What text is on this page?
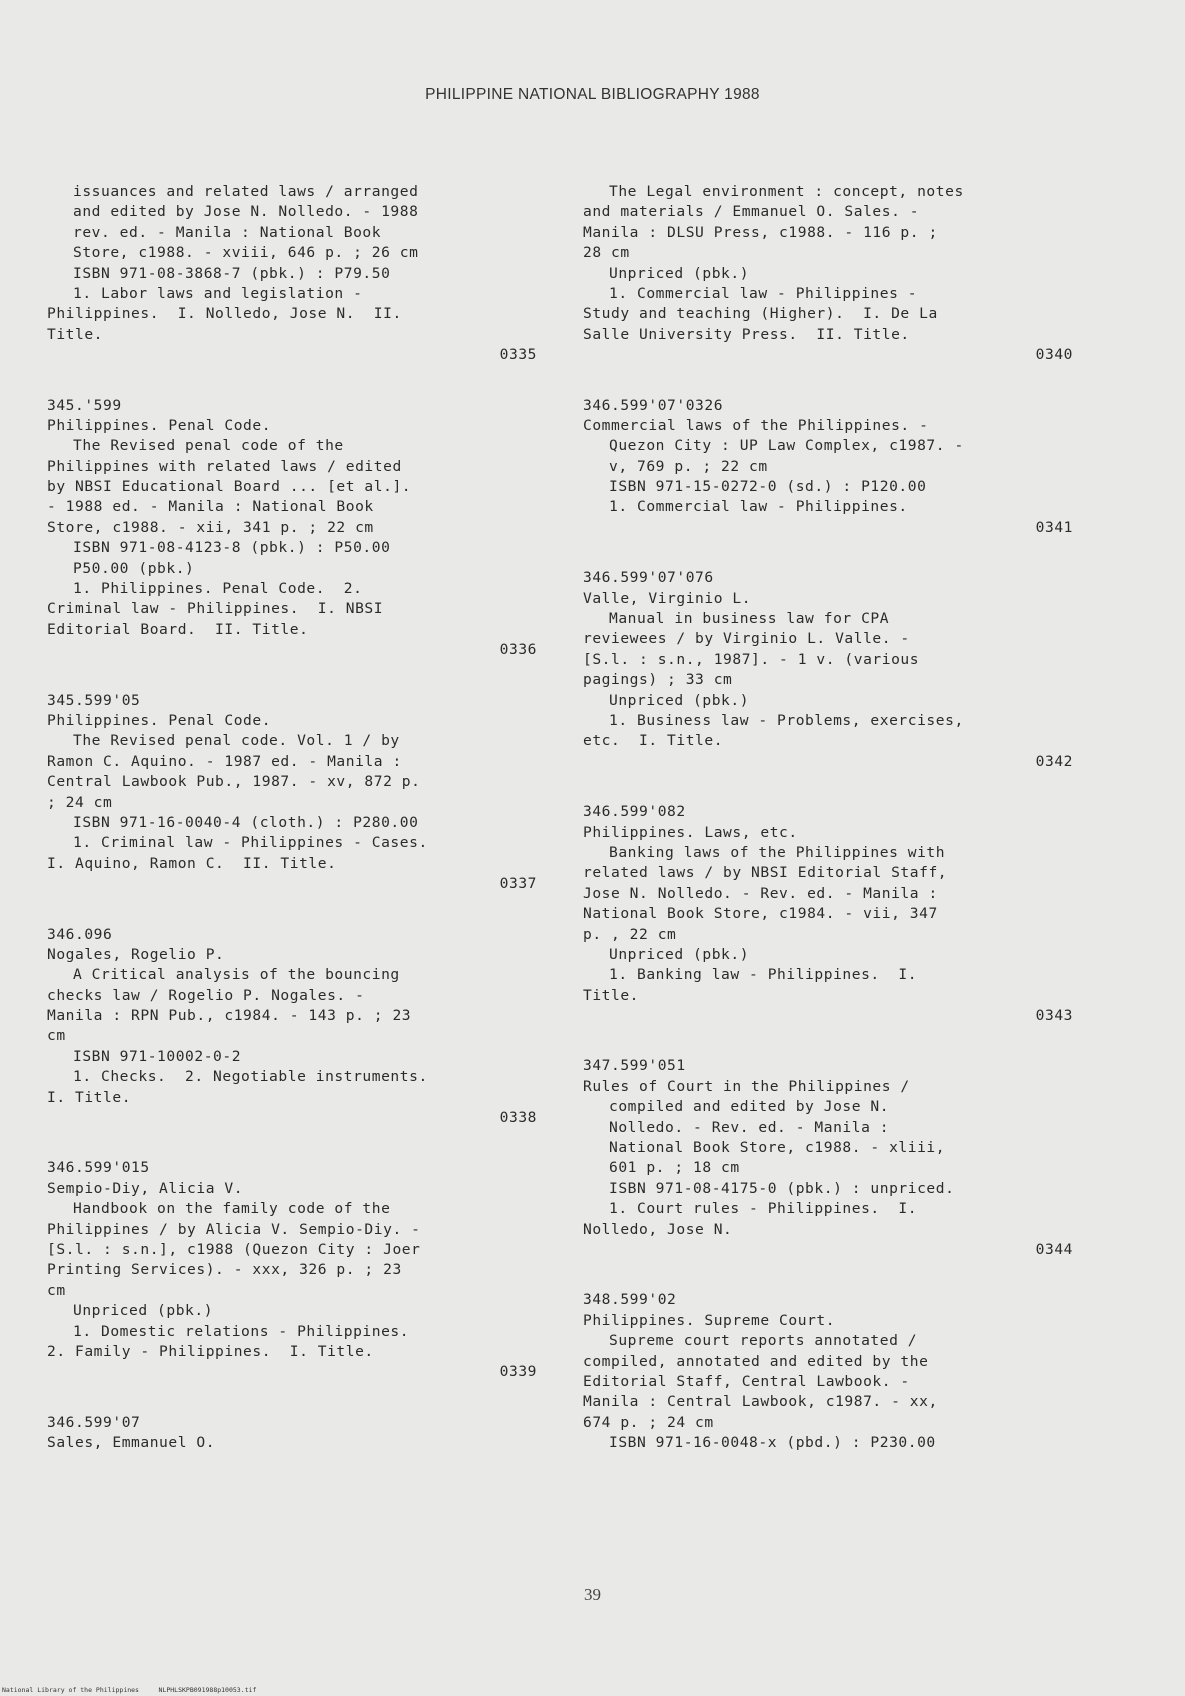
PHILIPPINE NATIONAL BIBLIOGRAPHY 1988
issuances and related laws / arranged
and edited by Jose N. Nolledo. - 1988
rev. ed. - Manila : National Book
Store, c1988. - xviii, 646 p. ; 26 cm
ISBN 971-08-3868-7 (pbk.) : P79.50
1. Labor laws and legislation -
Philippines.  I. Nolledo, Jose N.  II.
Title.
0335
345.'599
Philippines. Penal Code.
The Revised penal code of the
Philippines with related laws / edited
by NBSI Educational Board ... [et al.].
- 1988 ed. - Manila : National Book
Store, c1988. - xii, 341 p. ; 22 cm
ISBN 971-08-4123-8 (pbk.) : P50.00
P50.00 (pbk.)
1. Philippines. Penal Code.  2.
Criminal law - Philippines.  I. NBSI
Editorial Board.  II. Title.
0336
345.599'05
Philippines. Penal Code.
The Revised penal code. Vol. 1 / by
Ramon C. Aquino. - 1987 ed. - Manila :
Central Lawbook Pub., 1987. - xv, 872 p.
; 24 cm
ISBN 971-16-0040-4 (cloth.) : P280.00
1. Criminal law - Philippines - Cases.
I. Aquino, Ramon C.  II. Title.
0337
346.096
Nogales, Rogelio P.
A Critical analysis of the bouncing
checks law / Rogelio P. Nogales. -
Manila : RPN Pub., c1984. - 143 p. ; 23
cm
ISBN 971-10002-0-2
1. Checks.  2. Negotiable instruments.
I. Title.
0338
346.599'015
Sempio-Diy, Alicia V.
Handbook on the family code of the
Philippines / by Alicia V. Sempio-Diy. -
[S.l. : s.n.], c1988 (Quezon City : Joer
Printing Services). - xxx, 326 p. ; 23
cm
Unpriced (pbk.)
1. Domestic relations - Philippines.
2. Family - Philippines.  I. Title.
0339
346.599'07
Sales, Emmanuel O.
The Legal environment : concept, notes
and materials / Emmanuel O. Sales. -
Manila : DLSU Press, c1988. - 116 p. ;
28 cm
Unpriced (pbk.)
1. Commercial law - Philippines -
Study and teaching (Higher).  I. De La
Salle University Press.  II. Title.
0340
346.599'07'0326
Commercial laws of the Philippines. -
Quezon City : UP Law Complex, c1987. -
v, 769 p. ; 22 cm
ISBN 971-15-0272-0 (sd.) : P120.00
1. Commercial law - Philippines.
0341
346.599'07'076
Valle, Virginio L.
Manual in business law for CPA
reviewees / by Virginio L. Valle. -
[S.l. : s.n., 1987]. - 1 v. (various
pagings) ; 33 cm
Unpriced (pbk.)
1. Business law - Problems, exercises,
etc.  I. Title.
0342
346.599'082
Philippines. Laws, etc.
Banking laws of the Philippines with
related laws / by NBSI Editorial Staff,
Jose N. Nolledo. - Rev. ed. - Manila :
National Book Store, c1984. - vii, 347
p. , 22 cm
Unpriced (pbk.)
1. Banking law - Philippines.  I.
Title.
0343
347.599'051
Rules of Court in the Philippines /
compiled and edited by Jose N.
Nolledo. - Rev. ed. - Manila :
National Book Store, c1988. - xliii,
601 p. ; 18 cm
ISBN 971-08-4175-0 (pbk.) : unpriced.
1. Court rules - Philippines.  I.
Nolledo, Jose N.
0344
348.599'02
Philippines. Supreme Court.
Supreme court reports annotated /
compiled, annotated and edited by the
Editorial Staff, Central Lawbook. -
Manila : Central Lawbook, c1987. - xx,
674 p. ; 24 cm
ISBN 971-16-0048-x (pbd.) : P230.00
39
National Library of the Philippines     NLPHLSKPB091988p10053.tif
